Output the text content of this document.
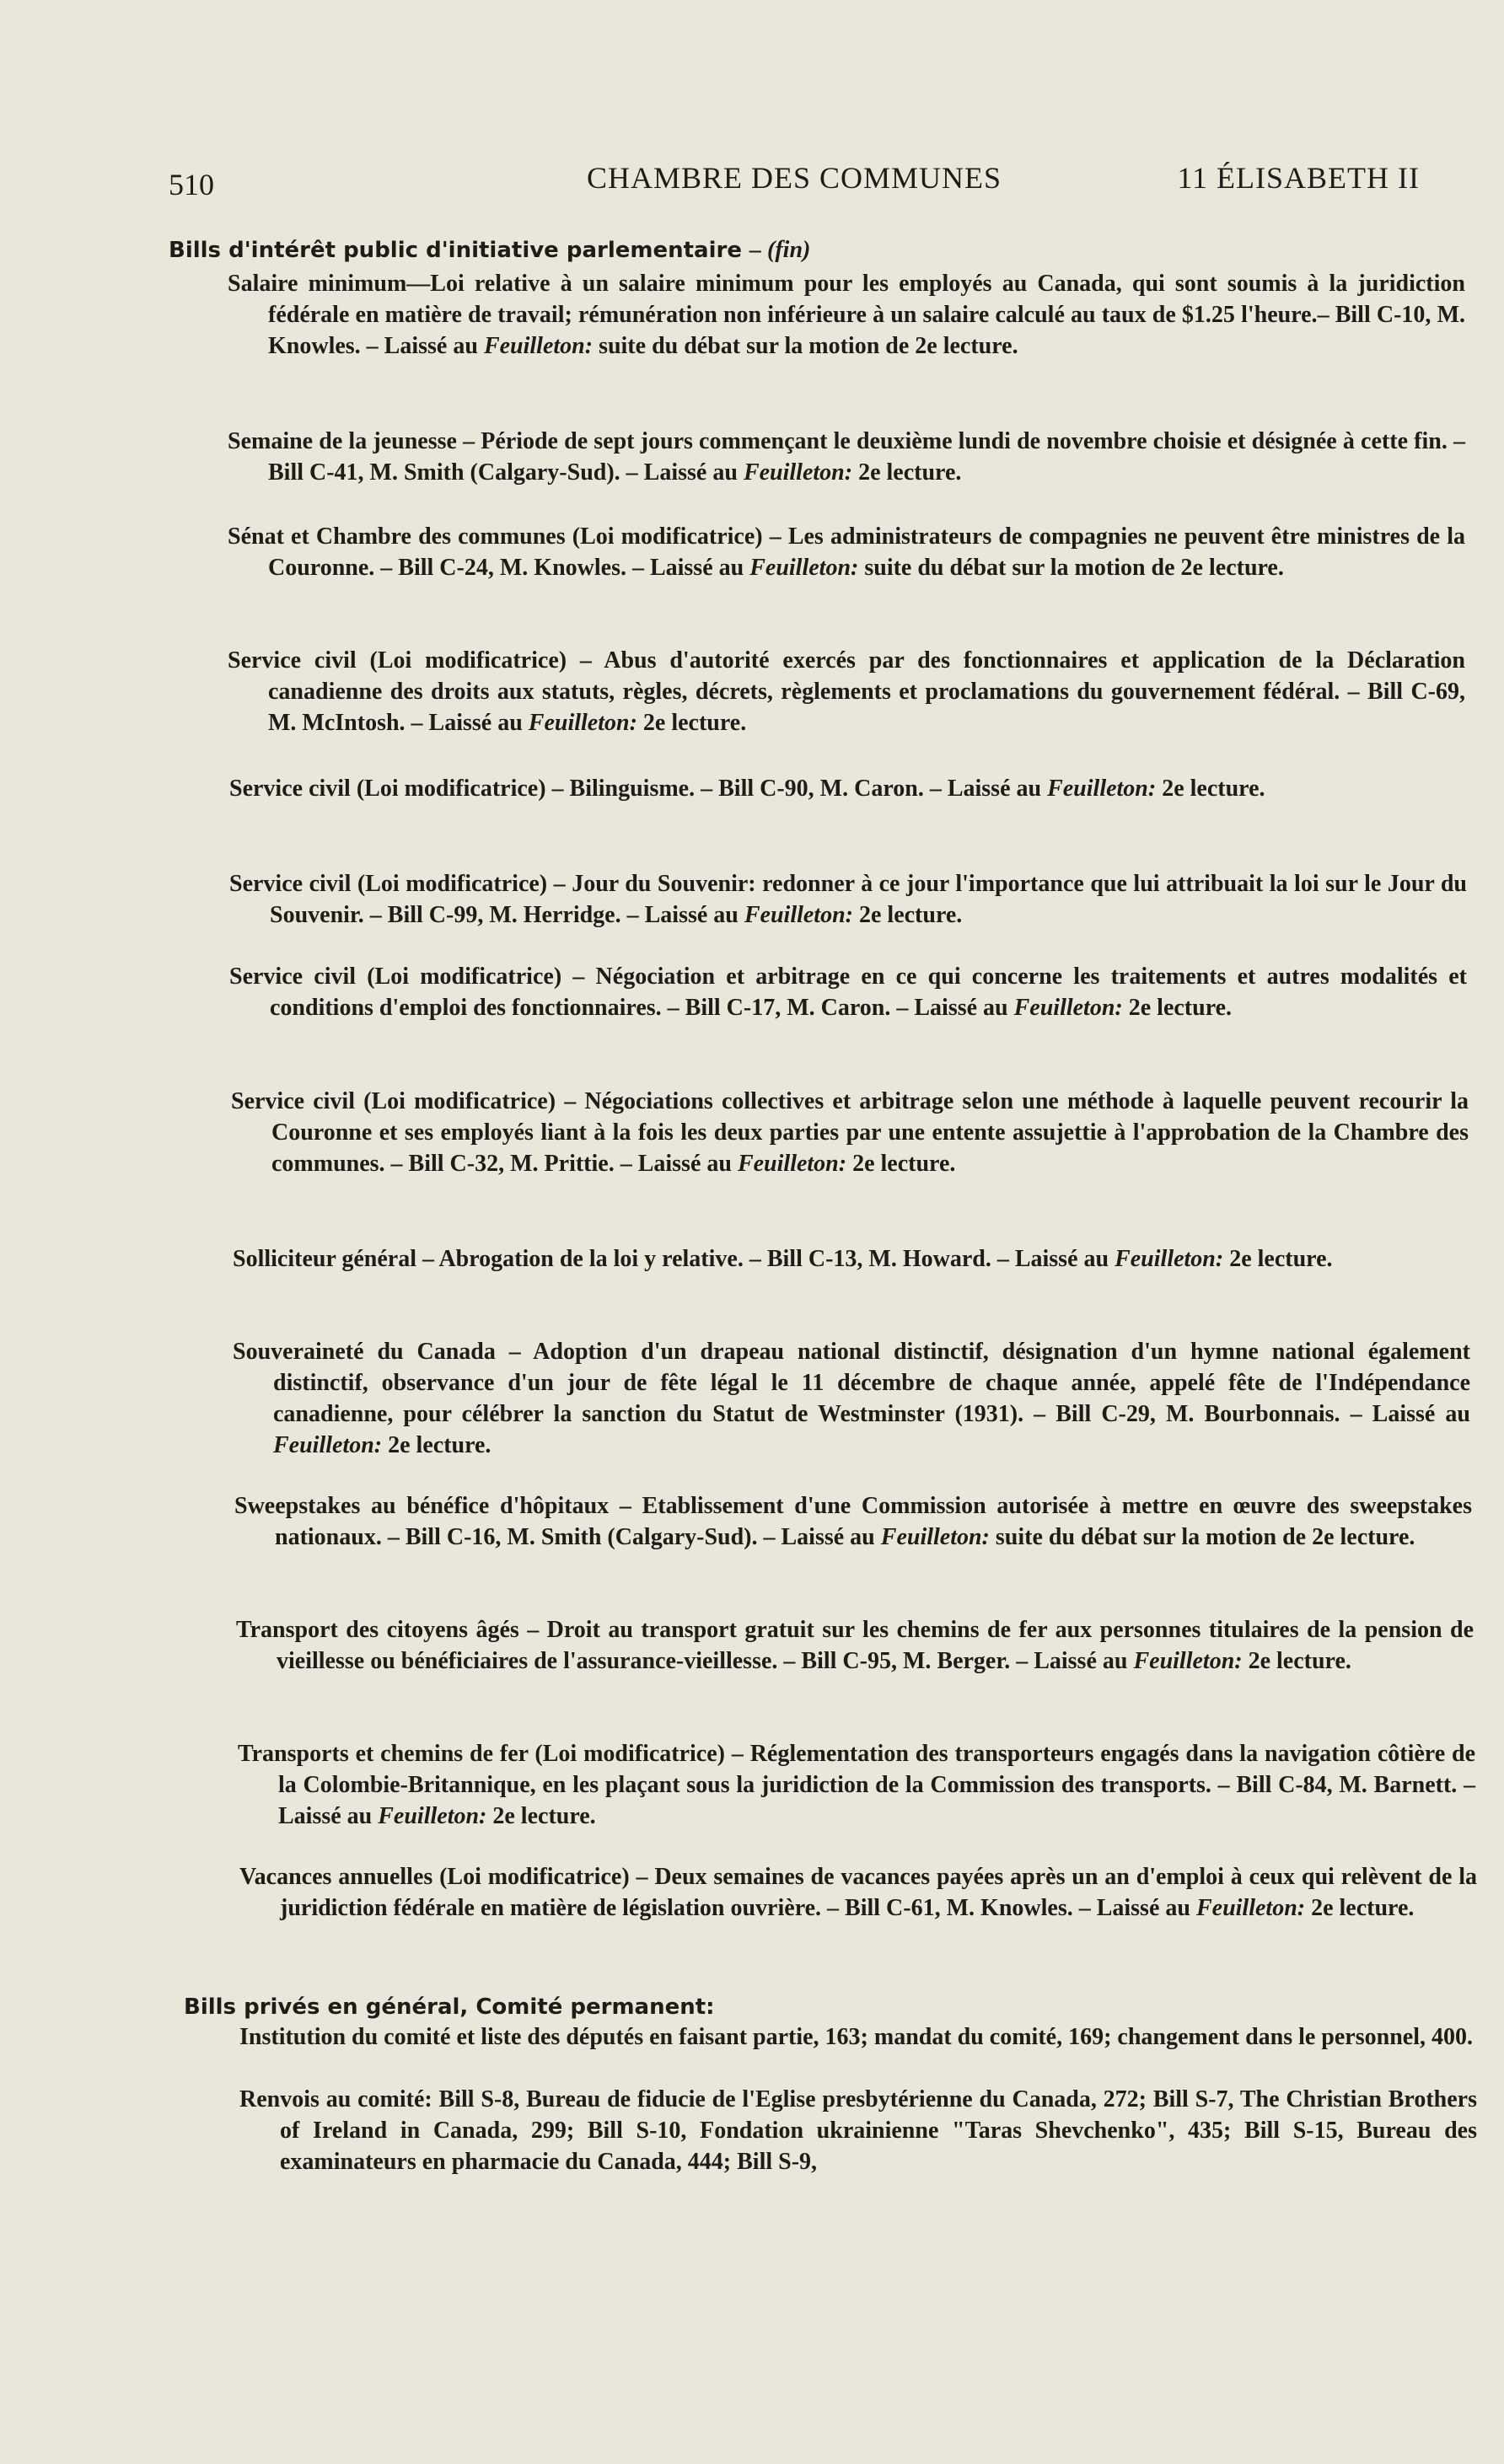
510	CHAMBRE DES COMMUNES	11 ÉLISABETH II
Bills d'intérêt public d'initiative parlementaire – (fin)
Salaire minimum—Loi relative à un salaire minimum pour les employés au Canada, qui sont soumis à la juridiction fédérale en matière de travail; rémunération non inférieure à un salaire calculé au taux de $1.25 l'heure.– Bill C-10, M. Knowles. – Laissé au Feuilleton: suite du débat sur la motion de 2e lecture.
Semaine de la jeunesse – Période de sept jours commençant le deuxième lundi de novembre choisie et désignée à cette fin. – Bill C-41, M. Smith (Calgary-Sud). – Laissé au Feuilleton: 2e lecture.
Sénat et Chambre des communes (Loi modificatrice) – Les administrateurs de compagnies ne peuvent être ministres de la Couronne. – Bill C-24, M. Knowles. – Laissé au Feuilleton: suite du débat sur la motion de 2e lecture.
Service civil (Loi modificatrice) – Abus d'autorité exercés par des fonctionnaires et application de la Déclaration canadienne des droits aux statuts, règles, décrets, règlements et proclamations du gouvernement fédéral. – Bill C-69, M. McIntosh. – Laissé au Feuilleton: 2e lecture.
Service civil (Loi modificatrice) – Bilinguisme. – Bill C-90, M. Caron. – Laissé au Feuilleton: 2e lecture.
Service civil (Loi modificatrice) – Jour du Souvenir: redonner à ce jour l'importance que lui attribuait la loi sur le Jour du Souvenir. – Bill C-99, M. Herridge. – Laissé au Feuilleton: 2e lecture.
Service civil (Loi modificatrice) – Négociation et arbitrage en ce qui concerne les traitements et autres modalités et conditions d'emploi des fonctionnaires. – Bill C-17, M. Caron. – Laissé au Feuilleton: 2e lecture.
Service civil (Loi modificatrice) – Négociations collectives et arbitrage selon une méthode à laquelle peuvent recourir la Couronne et ses employés liant à la fois les deux parties par une entente assujettie à l'approbation de la Chambre des communes. – Bill C-32, M. Prittie. – Laissé au Feuilleton: 2e lecture.
Solliciteur général – Abrogation de la loi y relative. – Bill C-13, M. Howard. – Laissé au Feuilleton: 2e lecture.
Souveraineté du Canada – Adoption d'un drapeau national distinctif, désignation d'un hymne national également distinctif, observance d'un jour de fête légal le 11 décembre de chaque année, appelé fête de l'Indépendance canadienne, pour célébrer la sanction du Statut de Westminster (1931). – Bill C-29, M. Bourbonnais. – Laissé au Feuilleton: 2e lecture.
Sweepstakes au bénéfice d'hôpitaux – Etablissement d'une Commission autorisée à mettre en œuvre des sweepstakes nationaux. – Bill C-16, M. Smith (Calgary-Sud). – Laissé au Feuilleton: suite du débat sur la motion de 2e lecture.
Transport des citoyens âgés – Droit au transport gratuit sur les chemins de fer aux personnes titulaires de la pension de vieillesse ou bénéficiaires de l'assurance-vieillesse. – Bill C-95, M. Berger. – Laissé au Feuilleton: 2e lecture.
Transports et chemins de fer (Loi modificatrice) – Réglementation des transporteurs engagés dans la navigation côtière de la Colombie-Britannique, en les plaçant sous la juridiction de la Commission des transports. – Bill C-84, M. Barnett. – Laissé au Feuilleton: 2e lecture.
Vacances annuelles (Loi modificatrice) – Deux semaines de vacances payées après un an d'emploi à ceux qui relèvent de la juridiction fédérale en matière de législation ouvrière. – Bill C-61, M. Knowles. – Laissé au Feuilleton: 2e lecture.
Bills privés en général, Comité permanent:
Institution du comité et liste des députés en faisant partie, 163; mandat du comité, 169; changement dans le personnel, 400.
Renvois au comité: Bill S-8, Bureau de fiducie de l'Eglise presbytérienne du Canada, 272; Bill S-7, The Christian Brothers of Ireland in Canada, 299; Bill S-10, Fondation ukrainienne "Taras Shevchenko", 435; Bill S-15, Bureau des examinateurs en pharmacie du Canada, 444; Bill S-9,
